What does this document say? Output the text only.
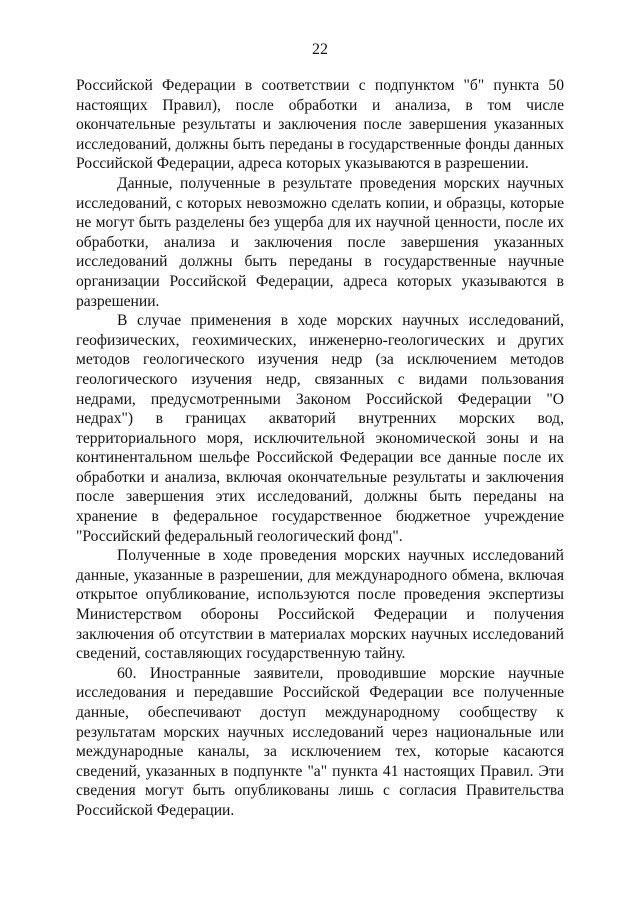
22

Российской Федерации в соответствии с подпунктом "б" пункта 50 настоящих Правил), после обработки и анализа, в том числе окончательные результаты и заключения после завершения указанных исследований, должны быть переданы в государственные фонды данных Российской Федерации, адреса которых указываются в разрешении.

Данные, полученные в результате проведения морских научных исследований, с которых невозможно сделать копии, и образцы, которые не могут быть разделены без ущерба для их научной ценности, после их обработки, анализа и заключения после завершения указанных исследований должны быть переданы в государственные научные организации Российской Федерации, адреса которых указываются в разрешении.

В случае применения в ходе морских научных исследований, геофизических, геохимических, инженерно-геологических и других методов геологического изучения недр (за исключением методов геологического изучения недр, связанных с видами пользования недрами, предусмотренными Законом Российской Федерации "О недрах") в границах акваторий внутренних морских вод, территориального моря, исключительной экономической зоны и на континентальном шельфе Российской Федерации все данные после их обработки и анализа, включая окончательные результаты и заключения после завершения этих исследований, должны быть переданы на хранение в федеральное государственное бюджетное учреждение "Российский федеральный геологический фонд".

Полученные в ходе проведения морских научных исследований данные, указанные в разрешении, для международного обмена, включая открытое опубликование, используются после проведения экспертизы Министерством обороны Российской Федерации и получения заключения об отсутствии в материалах морских научных исследований сведений, составляющих государственную тайну.

60. Иностранные заявители, проводившие морские научные исследования и передавшие Российской Федерации все полученные данные, обеспечивают доступ международному сообществу к результатам морских научных исследований через национальные или международные каналы, за исключением тех, которые касаются сведений, указанных в подпункте "а" пункта 41 настоящих Правил. Эти сведения могут быть опубликованы лишь с согласия Правительства Российской Федерации.
